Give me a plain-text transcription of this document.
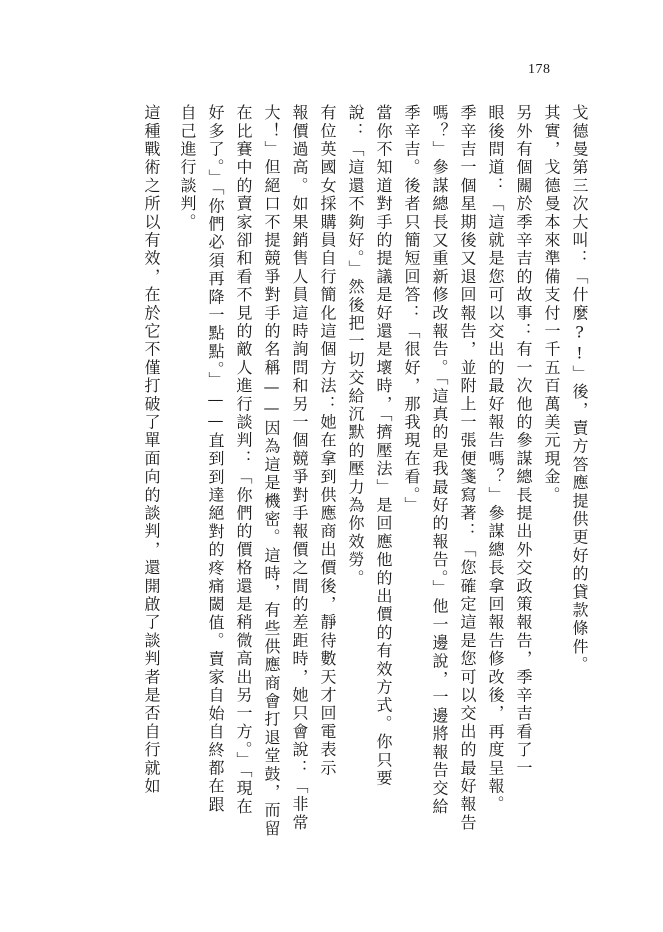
178

戈德曼第三次大叫：「什麼?!」後，賣方答應提供更好的貸款條件。

其實，戈德曼本來準備支付一千五百萬美元現金。

另外有個關於季辛吉的故事：有一次他的參謀總長提出外交政策報告，季辛吉看了一

眼後問道：「這就是您可以交出的最好報告嗎？」參謀總長拿回報告修改後，再度呈報。

季辛吉一個星期後又退回報告，並附上一張便箋寫著：「您確定這是您可以交出的最好報告

嗎？」參謀總長又重新修改報告。「這真的是我最好的報告。」他一邊說，一邊將報告交給

季辛吉。後者只簡短回答：「很好，那我現在看。」

當你不知道對手的提議是好還是壞時，「擠壓法」是回應他的出價的有效方式。你只要

說：「這還不夠好。」然後把一切交給沉默的壓力為你效勞。

有位英國女採購員自行簡化這個方法：她在拿到供應商出價後，靜待數天才回電表示

報價過高。如果銷售人員這時詢問和另一個競爭對手報價之間的差距時，她只會說：「非常

大！」但絕口不提競爭對手的名稱——因為這是機密。這時，有些供應商會打退堂鼓，而留

在比賽中的賣家卻和看不見的敵人進行談判：「你們的價格還是稍微高出另一方。」「現在

好多了。」「你們必須再降一點點。」——直到到達絕對的疼痛閾值。賣家自始自終都在跟

自己進行談判。

這種戰術之所以有效，在於它不僅打破了單面向的談判，還開啟了談判者是否自行就如
